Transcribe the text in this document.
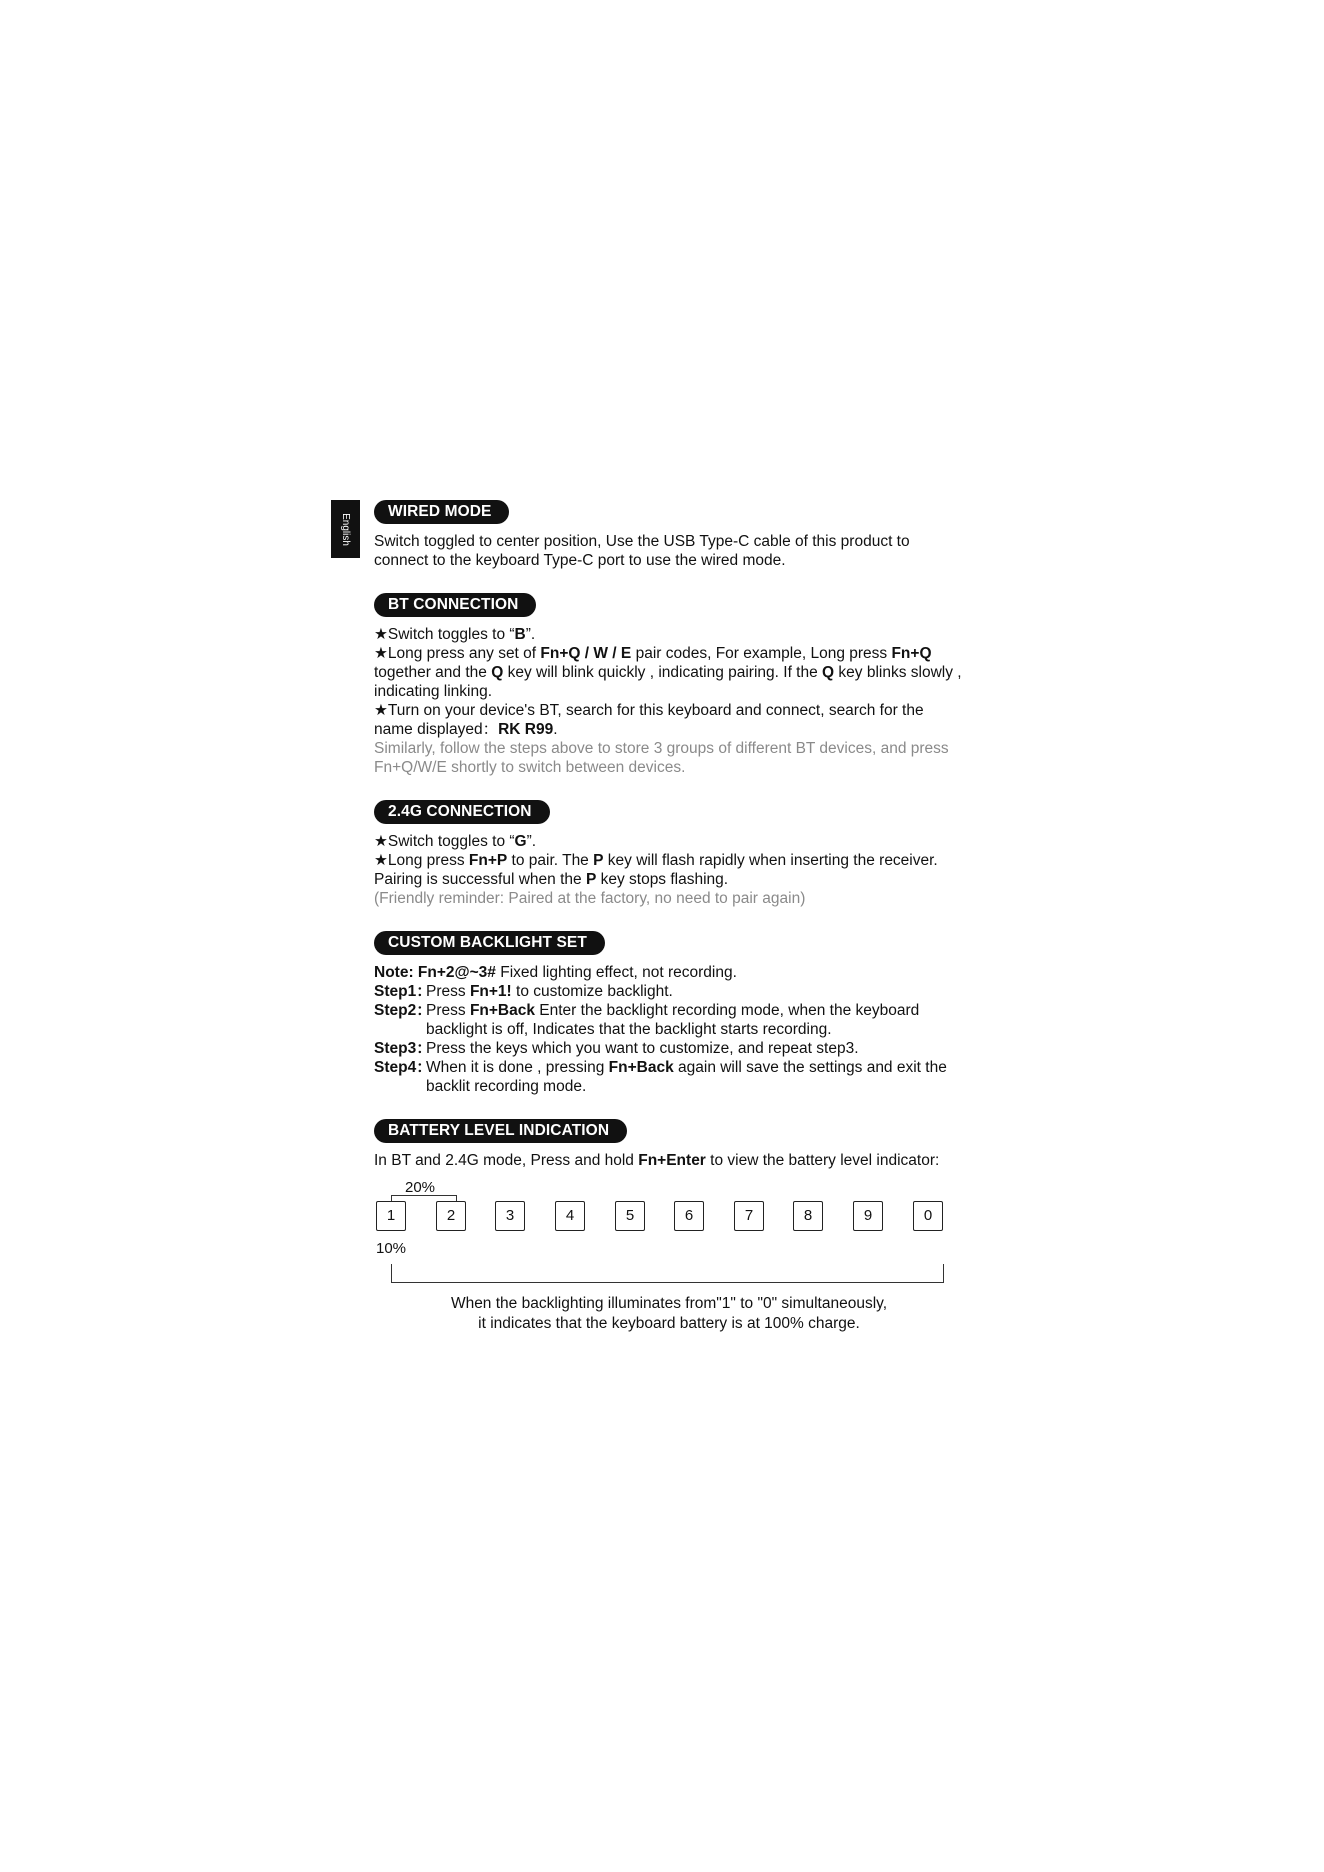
English
WIRED MODE

Switch toggled to center position, Use the USB Type-C cable of this product to connect to the keyboard Type-C port to use the wired mode.

BT CONNECTION

★Switch toggles to “B”.

★Long press any set of Fn+Q / W / E pair codes, For example, Long press Fn+Q together and the Q key will blink quickly , indicating pairing. If the Q key blinks slowly , indicating linking.

★Turn on your device's BT, search for this keyboard and connect, search for the name displayed：RK R99.

Similarly, follow the steps above to store 3 groups of different BT devices, and press Fn+Q/W/E shortly to switch between devices.

2.4G CONNECTION

★Switch toggles to “G”.

★Long press Fn+P to pair. The P key will flash rapidly when inserting the receiver. Pairing is successful when the P key stops flashing.

(Friendly reminder: Paired at the factory, no need to pair again)

CUSTOM BACKLIGHT SET

Note: Fn+2@~3# Fixed lighting effect, not recording.

Step1：
Press Fn+1! to customize backlight.
Step2：
Press Fn+Back Enter the backlight recording mode, when the keyboard backlight is off, Indicates that the backlight starts recording.
Step3：
Press the keys which you want to customize, and repeat step3.
Step4：
When it is done , pressing Fn+Back again will save the settings and exit the backlit recording mode.
BATTERY LEVEL INDICATION

In BT and 2.4G mode, Press and hold Fn+Enter to view the battery level indicator:

20%
1	2	3	4	5	6	7	8	9	0
10%
When the backlighting illuminates from"1" to "0" simultaneously,
it indicates that the keyboard battery is at 100% charge.
